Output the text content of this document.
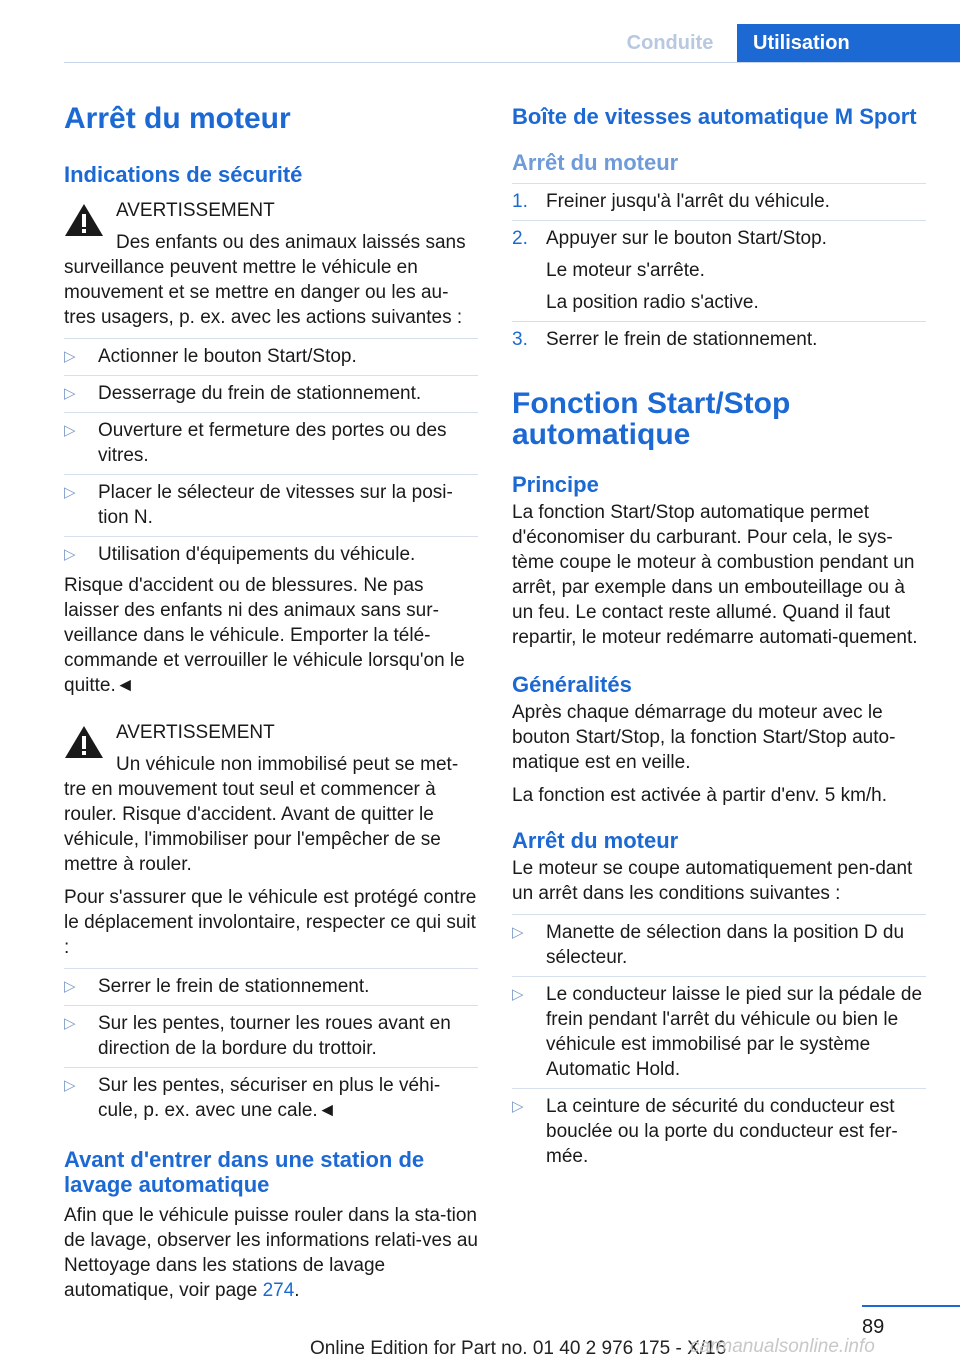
Conduite	Utilisation
Arrêt du moteur
Indications de sécurité
AVERTISSEMENT

Des enfants ou des animaux laissés sans surveillance peuvent mettre le véhicule en mouvement et se mettre en danger ou les au-tres usagers, p. ex. avec les actions suivantes :

▷	Actionner le bouton Start/Stop.
▷	Desserrage du frein de stationnement.
▷	Ouverture et fermeture des portes ou des vitres.
▷	Placer le sélecteur de vitesses sur la posi-tion N.
▷	Utilisation d'équipements du véhicule.

Risque d'accident ou de blessures. Ne pas laisser des enfants ni des animaux sans sur-veillance dans le véhicule. Emporter la télé-commande et verrouiller le véhicule lorsqu'on le quitte.◄

AVERTISSEMENT

Un véhicule non immobilisé peut se met-tre en mouvement tout seul et commencer à rouler. Risque d'accident. Avant de quitter le véhicule, l'immobiliser pour l'empêcher de se mettre à rouler.

Pour s'assurer que le véhicule est protégé contre le déplacement involontaire, respecter ce qui suit :

▷	Serrer le frein de stationnement.
▷	Sur les pentes, tourner les roues avant en direction de la bordure du trottoir.
▷	Sur les pentes, sécuriser en plus le véhi-cule, p. ex. avec une cale.◄
Avant d'entrer dans une station de lavage automatique

Afin que le véhicule puisse rouler dans la sta-tion de lavage, observer les informations relati-ves au Nettoyage dans les stations de lavage automatique, voir page 274.

Boîte de vitesses automatique M Sport
Arrêt du moteur
1. Freiner jusqu'à l'arrêt du véhicule.
2. Appuyer sur le bouton Start/Stop.
Le moteur s'arrête.
La position radio s'active.
3. Serrer le frein de stationnement.
Fonction Start/Stop automatique
Principe

La fonction Start/Stop automatique permet d'économiser du carburant. Pour cela, le sys-tème coupe le moteur à combustion pendant un arrêt, par exemple dans un embouteillage ou à un feu. Le contact reste allumé. Quand il faut repartir, le moteur redémarre automati-quement.

Généralités

Après chaque démarrage du moteur avec le bouton Start/Stop, la fonction Start/Stop auto-matique est en veille.

La fonction est activée à partir d'env. 5 km/h.

Arrêt du moteur

Le moteur se coupe automatiquement pen-dant un arrêt dans les conditions suivantes :

▷	Manette de sélection dans la position D du sélecteur.
▷	Le conducteur laisse le pied sur la pédale de frein pendant l'arrêt du véhicule ou bien le véhicule est immobilisé par le système Automatic Hold.
▷	La ceinture de sécurité du conducteur est bouclée ou la porte du conducteur est fer-mée.
89
Online Edition for Part no. 01 40 2 976 175 - X/16
carmanualsonline.info
